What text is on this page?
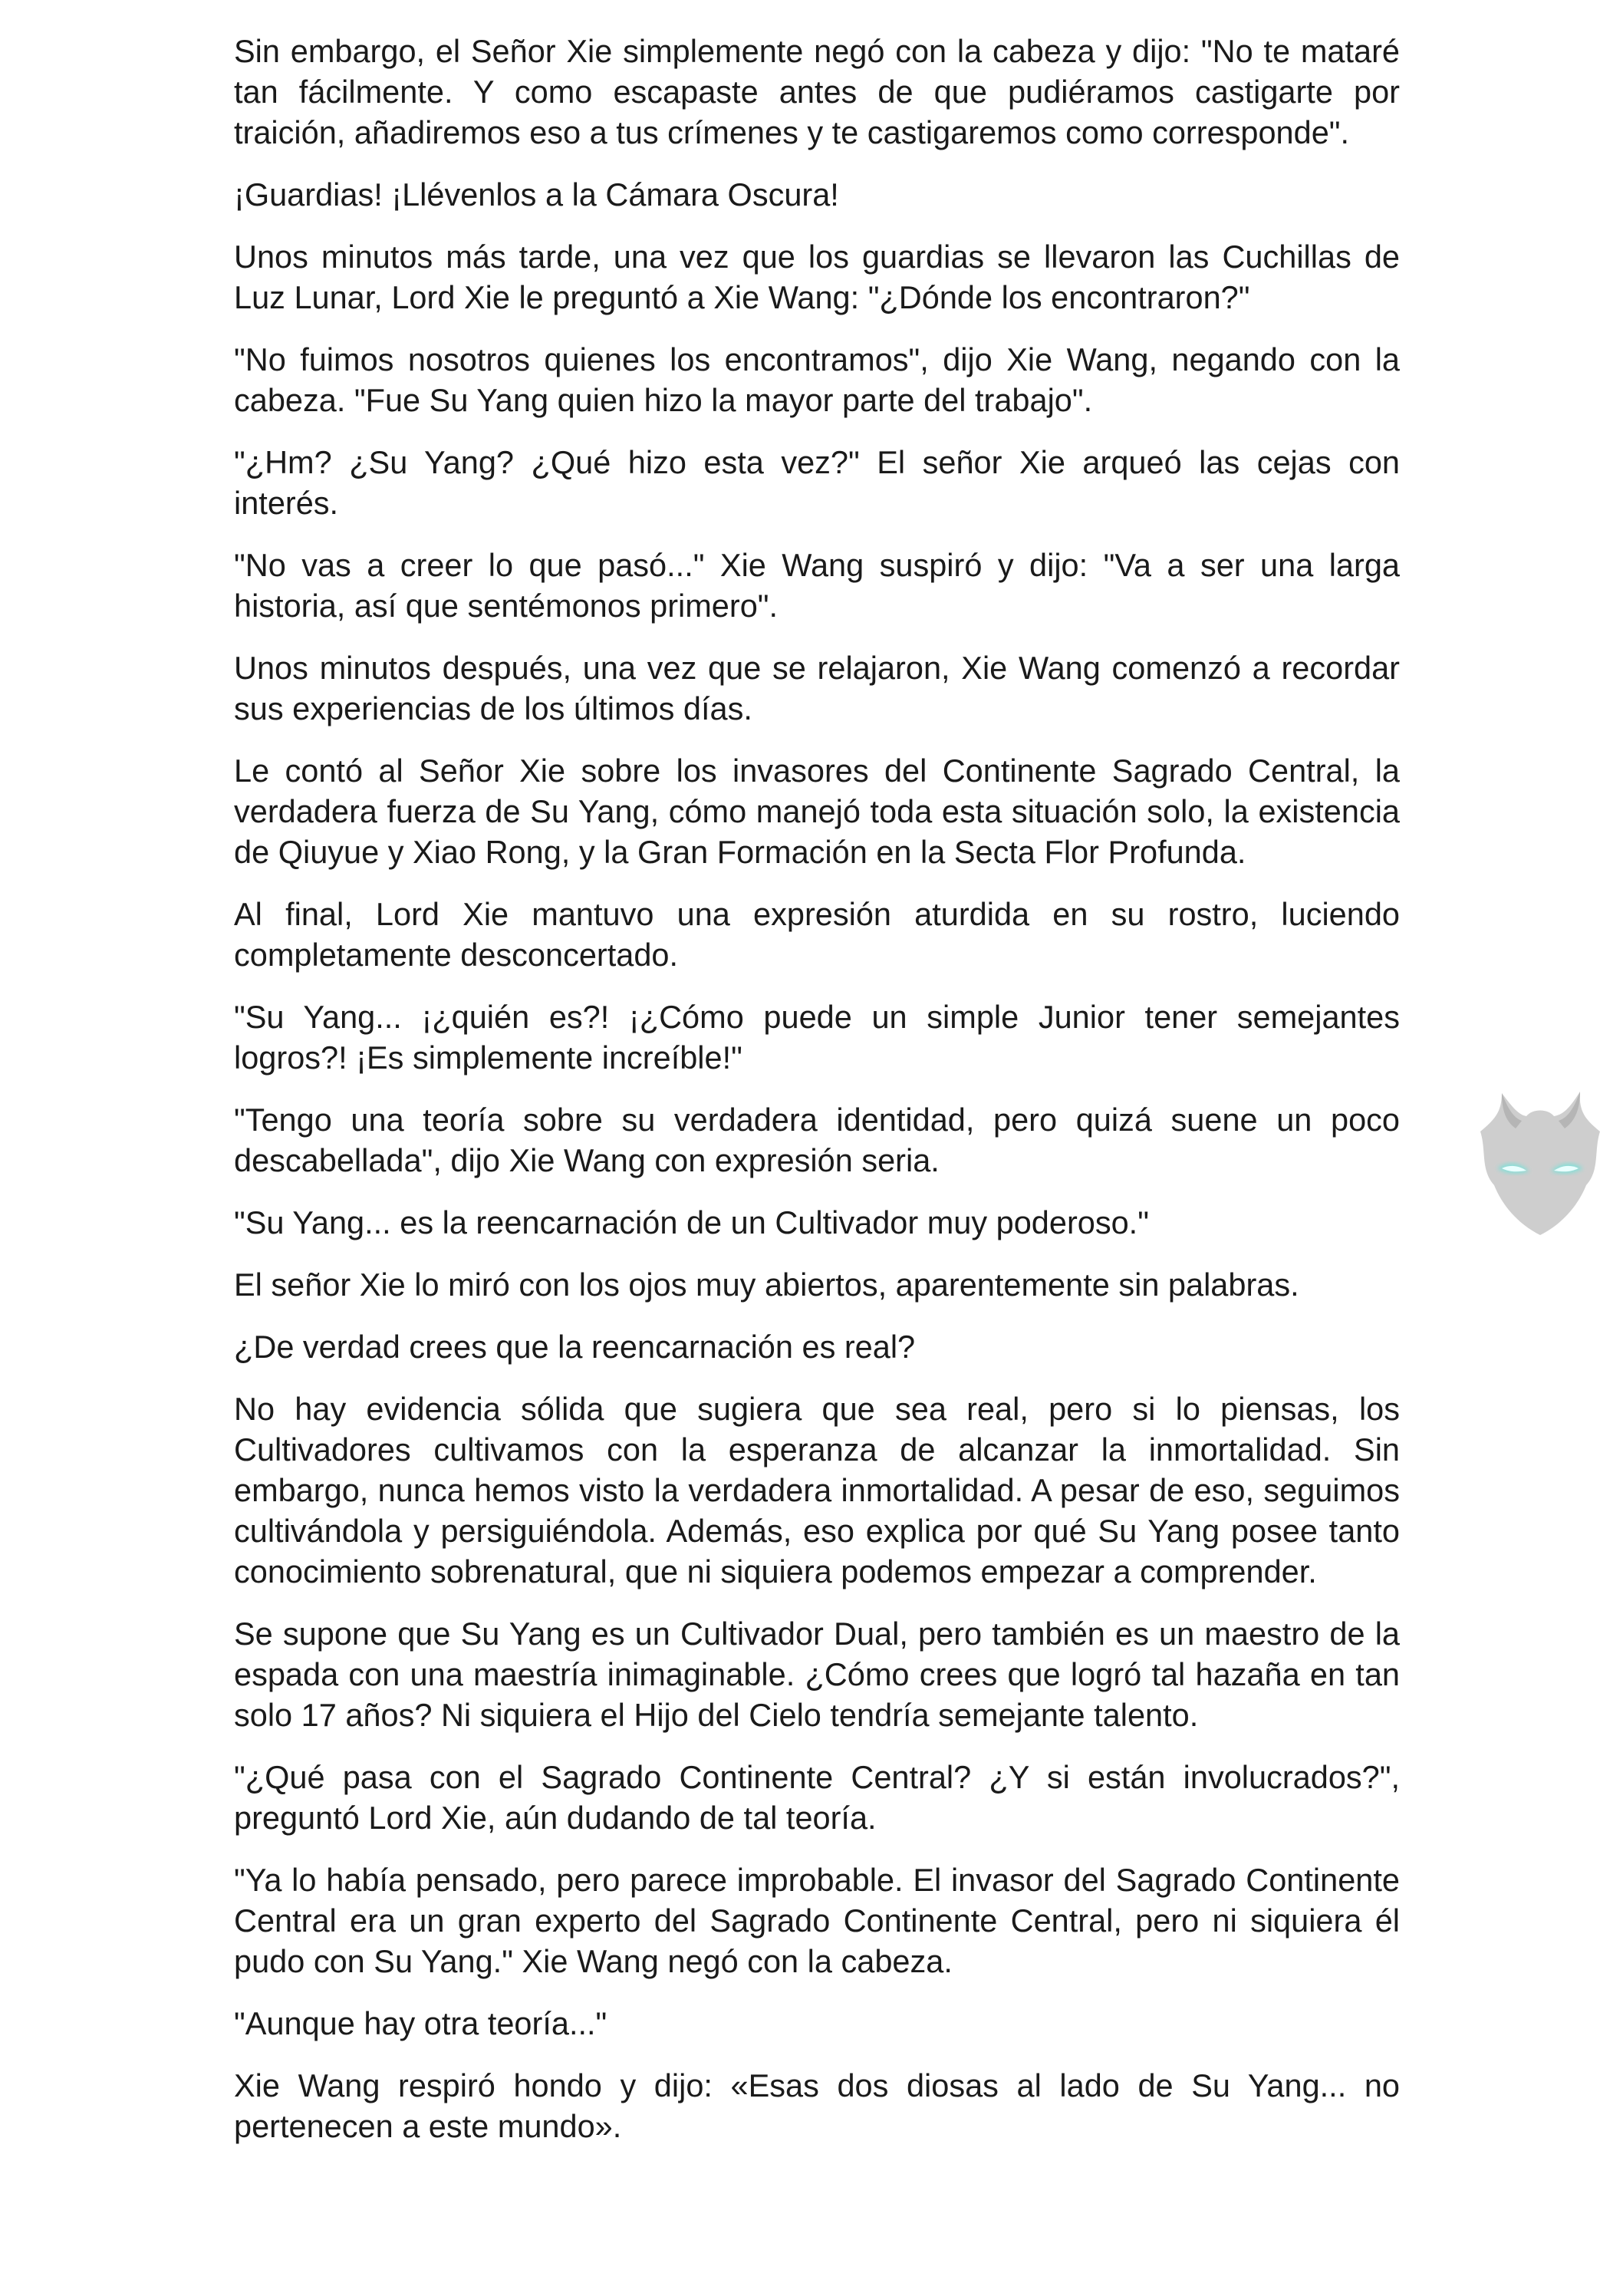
Sin embargo, el Señor Xie simplemente negó con la cabeza y dijo: "No te mataré tan fácilmente. Y como escapaste antes de que pudiéramos castigarte por traición, añadiremos eso a tus crímenes y te castigaremos como corresponde".

¡Guardias! ¡Llévenlos a la Cámara Oscura!

Unos minutos más tarde, una vez que los guardias se llevaron las Cuchillas de Luz Lunar, Lord Xie le preguntó a Xie Wang: "¿Dónde los encontraron?"

"No fuimos nosotros quienes los encontramos", dijo Xie Wang, negando con la cabeza. "Fue Su Yang quien hizo la mayor parte del trabajo".

"¿Hm? ¿Su Yang? ¿Qué hizo esta vez?" El señor Xie arqueó las cejas con interés.

"No vas a creer lo que pasó..." Xie Wang suspiró y dijo: "Va a ser una larga historia, así que sentémonos primero".

Unos minutos después, una vez que se relajaron, Xie Wang comenzó a recordar sus experiencias de los últimos días.

Le contó al Señor Xie sobre los invasores del Continente Sagrado Central, la verdadera fuerza de Su Yang, cómo manejó toda esta situación solo, la existencia de Qiuyue y Xiao Rong, y la Gran Formación en la Secta Flor Profunda.

Al final, Lord Xie mantuvo una expresión aturdida en su rostro, luciendo completamente desconcertado.

"Su Yang... ¡¿quién es?! ¡¿Cómo puede un simple Junior tener semejantes logros?! ¡Es simplemente increíble!"

"Tengo una teoría sobre su verdadera identidad, pero quizá suene un poco descabellada", dijo Xie Wang con expresión seria.

"Su Yang... es la reencarnación de un Cultivador muy poderoso."

El señor Xie lo miró con los ojos muy abiertos, aparentemente sin palabras.

¿De verdad crees que la reencarnación es real?

No hay evidencia sólida que sugiera que sea real, pero si lo piensas, los Cultivadores cultivamos con la esperanza de alcanzar la inmortalidad. Sin embargo, nunca hemos visto la verdadera inmortalidad. A pesar de eso, seguimos cultivándola y persiguiéndola. Además, eso explica por qué Su Yang posee tanto conocimiento sobrenatural, que ni siquiera podemos empezar a comprender.

Se supone que Su Yang es un Cultivador Dual, pero también es un maestro de la espada con una maestría inimaginable. ¿Cómo crees que logró tal hazaña en tan solo 17 años? Ni siquiera el Hijo del Cielo tendría semejante talento.

"¿Qué pasa con el Sagrado Continente Central? ¿Y si están involucrados?", preguntó Lord Xie, aún dudando de tal teoría.

"Ya lo había pensado, pero parece improbable. El invasor del Sagrado Continente Central era un gran experto del Sagrado Continente Central, pero ni siquiera él pudo con Su Yang." Xie Wang negó con la cabeza.

"Aunque hay otra teoría..."

Xie Wang respiró hondo y dijo: «Esas dos diosas al lado de Su Yang... no pertenecen a este mundo».
